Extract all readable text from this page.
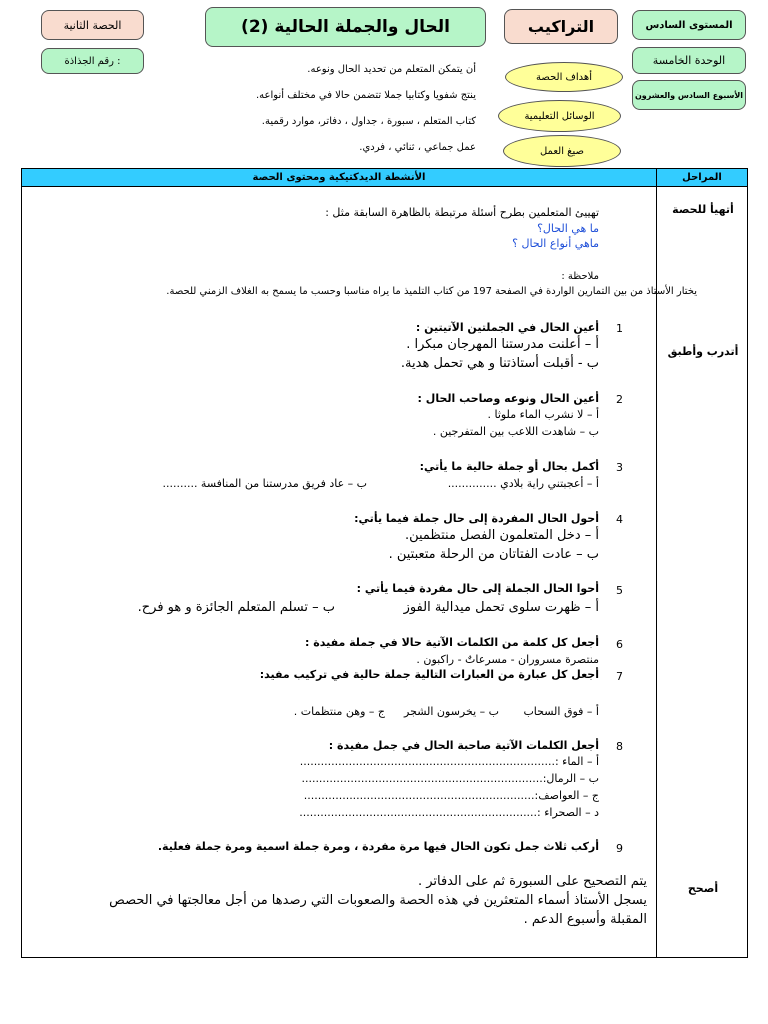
الحصة الثانية	الحال والجملة الحالية (2)	التراكيب	المستوى السادس
رقم الجذاذة :	الوحدة الخامسة
الأسبوع السادس والعشرون
أهداف الحصة
الوسائل التعليمية
صيغ العمل
أن يتمكن المتعلم من تحديد الحال ونوعه.
ينتج شفويا وكتابيا جملا تتضمن حالا في مختلف أنواعه.
كتاب المتعلم ، سبورة ، جداول ، دفاتر، موارد رقمية.
عمل جماعي ، ثنائي ، فردي.
الأنشطة الديدكتيكية ومحتوى الحصة	المراحل
أتهيأ للحصة
أتدرب وأطبق
أصحح
تهييئ المتعلمين بطرح أسئلة مرتبطة بالظاهرة السابقة مثل :
ما هي الحال؟
ماهي أنواع الحال ؟
ملاحظة :
يختار الأستاذ من بين التمارين الواردة في الصفحة 197 من كتاب التلميذ ما يراه مناسبا وحسب ما يسمح به الغلاف الزمني للحصة.
1
أعين الحال في الجملتين الآتيتين :
أ – أعلنت مدرستنا المهرجان مبكرا .
ب - أقبلت أستاذتنا و هي تحمل هدية.
2
أعين الحال ونوعه وصاحب الحال :
أ – لا نشرب الماء ملوثا .
ب – شاهدت اللاعب بين المتفرجين .
3
أكمل بحال أو جملة حالية ما يأتي:
أ – أعجبتني راية بلادي ..............
ب – عاد فريق مدرستنا من المنافسة ..........
4
أحول الحال المفردة إلى حال جملة فيما يأتي:
أ – دخل المتعلمون الفصل منتظمين.
ب – عادت الفتاتان من الرحلة متعبتين .
5
أحوا الحال الجملة إلى حال مفردة فيما يأتي :
أ – ظهرت سلوى تحمل ميدالية الفوز
ب – تسلم المتعلم الجائزة و هو فرح.
6
أجعل كل كلمة من الكلمات الآتية حالا في جملة مفيدة :
منتصرة مسروران - مسرعاتٌ - راكبون .
7
أجعل كل عبارة من العبارات التالية جملة حالية في تركيب مفيد:
أ – فوق السحاب
ب – يخرسون الشجر
ج – وهن منتظمات .
8
أجعل الكلمات الآتية صاحبة الحال في جمل مفيدة :
أ – الماء :.........................................................................
ب – الرمال:.....................................................................
ج – العواصف:..................................................................
د – الصحراء :....................................................................
9
أركب ثلاث جمل تكون الحال فيها مرة مفردة ، ومرة جملة اسمية ومرة جملة فعلية.
يتم التصحيح على السبورة ثم على الدفاتر .
يسجل الأستاذ أسماء المتعثرين في هذه الحصة والصعوبات التي رصدها من أجل معالجتها في الحصص
المقبلة وأسبوع الدعم .
